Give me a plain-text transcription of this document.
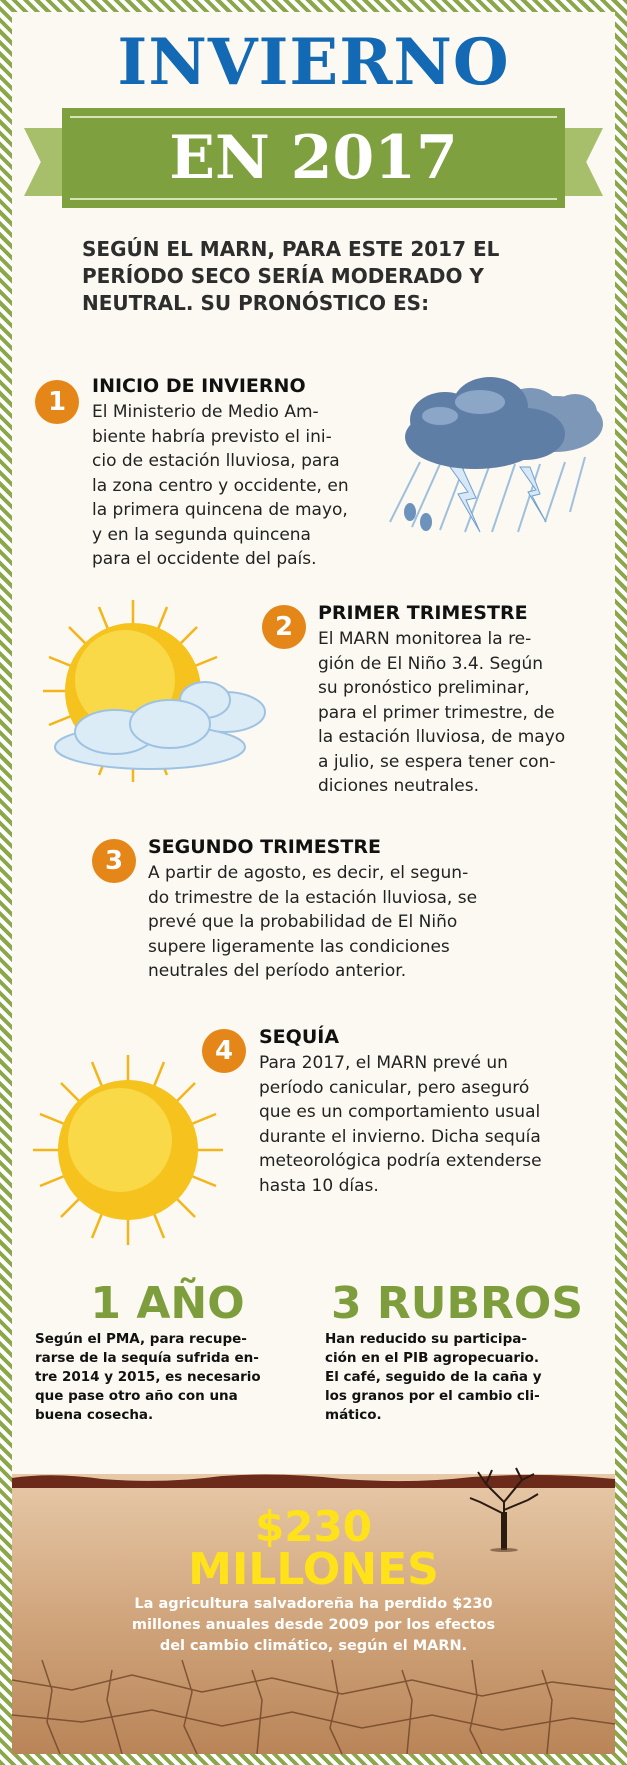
INVIERNO
EN 2017
SEGÚN EL MARN, PARA ESTE 2017 EL PERÍODO SECO SERÍA MODERADO Y NEUTRAL. SU PRONÓSTICO ES:
1
INICIO DE INVIERNO
El Ministerio de Medio Am-
biente habría previsto el ini-
cio de estación lluviosa, para
la zona centro y occidente, en
la primera quincena de mayo,
y en la segunda quincena
para el occidente del país.
2	PRIMER TRIMESTRE
El MARN monitorea la re-
gión de El Niño 3.4. Según
su pronóstico preliminar,
para el primer trimestre, de
la estación lluviosa, de mayo
a julio, se espera tener con-
diciones neutrales.
3	SEGUNDO TRIMESTRE
A partir de agosto, es decir, el segun-
do trimestre de la estación lluviosa, se
prevé que la probabilidad de El Niño
supere ligeramente las condiciones
neutrales del período anterior.
4	SEQUÍA
Para 2017, el MARN prevé un
período canicular, pero aseguró
que es un comportamiento usual
durante el invierno. Dicha sequía
meteorológica podría extenderse
hasta 10 días.
1 AÑO
Según el PMA, para recupe-
rarse de la sequía sufrida en-
tre 2014 y 2015, es necesario
que pase otro año con una
buena cosecha.
3 RUBROS
Han reducido su participa-
ción en el PIB agropecuario.
El café, seguido de la caña y
los granos por el cambio cli-
mático.
$230
MILLONES
La agricultura salvadoreña ha perdido $230
millones anuales desde 2009 por los efectos
del cambio climático, según el MARN.
